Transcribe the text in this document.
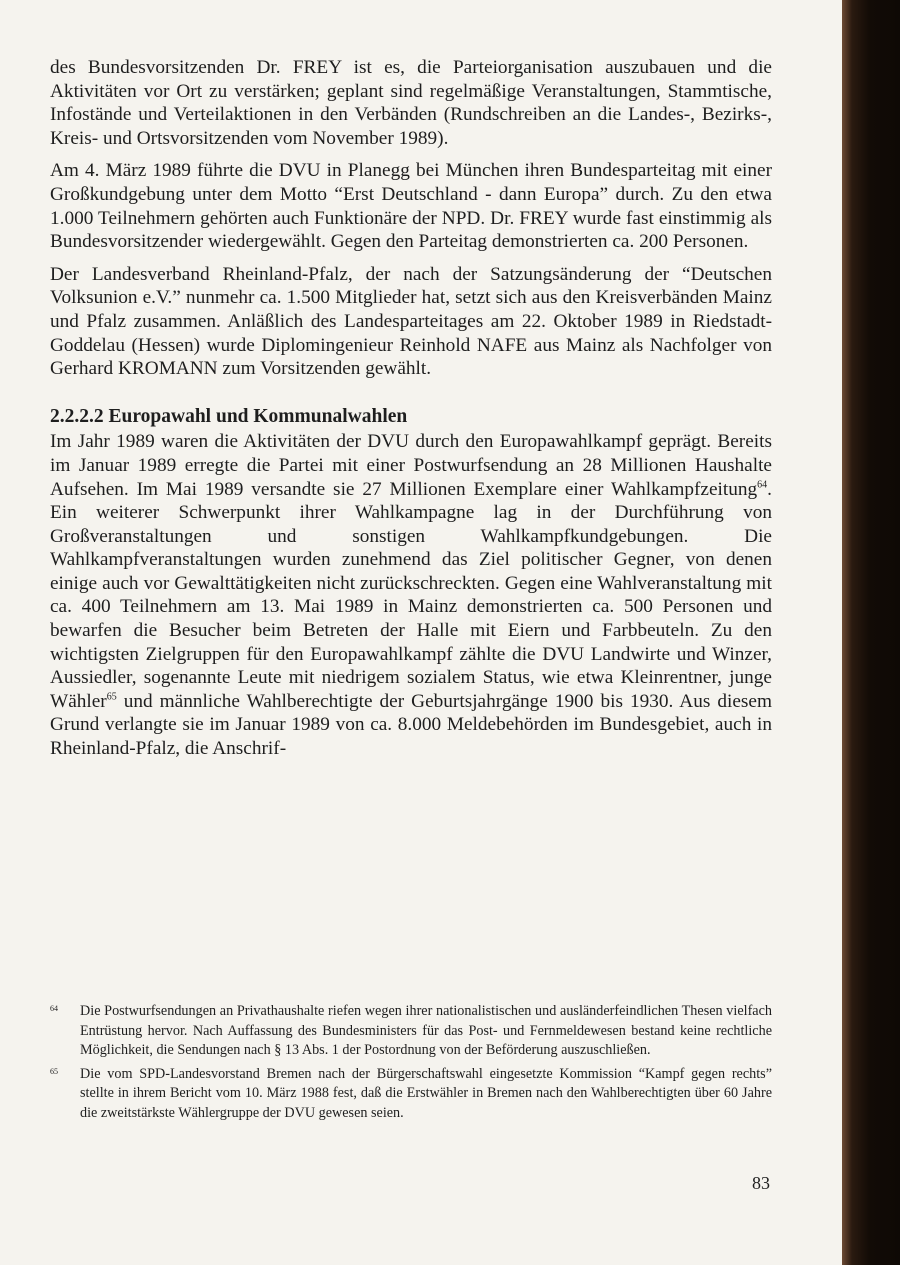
des Bundesvorsitzenden Dr. FREY ist es, die Parteiorganisation auszubauen und die Aktivitäten vor Ort zu verstärken; geplant sind regelmäßige Veranstaltungen, Stammtische, Infostände und Verteilaktionen in den Verbänden (Rundschreiben an die Landes-, Bezirks-, Kreis- und Ortsvorsitzenden vom November 1989).

Am 4. März 1989 führte die DVU in Planegg bei München ihren Bundesparteitag mit einer Großkundgebung unter dem Motto “Erst Deutschland - dann Europa” durch. Zu den etwa 1.000 Teilnehmern gehörten auch Funktionäre der NPD. Dr. FREY wurde fast einstimmig als Bundesvorsitzender wiedergewählt. Gegen den Parteitag demonstrierten ca. 200 Personen.

Der Landesverband Rheinland-Pfalz, der nach der Satzungsänderung der “Deutschen Volksunion e.V.” nunmehr ca. 1.500 Mitglieder hat, setzt sich aus den Kreisverbänden Mainz und Pfalz zusammen. Anläßlich des Landesparteitages am 22. Oktober 1989 in Riedstadt-Goddelau (Hessen) wurde Diplomingenieur Reinhold NAFE aus Mainz als Nachfolger von Gerhard KROMANN zum Vorsitzenden gewählt.

2.2.2.2 Europawahl und Kommunalwahlen

Im Jahr 1989 waren die Aktivitäten der DVU durch den Europawahlkampf geprägt. Bereits im Januar 1989 erregte die Partei mit einer Postwurfsendung an 28 Millionen Haushalte Aufsehen. Im Mai 1989 versandte sie 27 Millionen Exemplare einer Wahlkampfzeitung$^{64}$. Ein weiterer Schwerpunkt ihrer Wahlkampagne lag in der Durchführung von Großveranstaltungen und sonstigen Wahlkampfkundgebungen. Die Wahlkampfveranstaltungen wurden zunehmend das Ziel politischer Gegner, von denen einige auch vor Gewalttätigkeiten nicht zurückschreckten. Gegen eine Wahlveranstaltung mit ca. 400 Teilnehmern am 13. Mai 1989 in Mainz demonstrierten ca. 500 Personen und bewarfen die Besucher beim Betreten der Halle mit Eiern und Farbbeuteln. Zu den wichtigsten Zielgruppen für den Europawahlkampf zählte die DVU Landwirte und Winzer, Aussiedler, sogenannte Leute mit niedrigem sozialem Status, wie etwa Kleinrentner, junge Wähler$^{65}$ und männliche Wahlberechtigte der Geburtsjahrgänge 1900 bis 1930. Aus diesem Grund verlangte sie im Januar 1989 von ca. 8.000 Meldebehörden im Bundesgebiet, auch in Rheinland-Pfalz, die Anschrif-

64	Die Postwurfsendungen an Privathaushalte riefen wegen ihrer nationalistischen und ausländerfeindlichen Thesen vielfach Entrüstung hervor. Nach Auffassung des Bundesministers für das Post- und Fernmeldewesen bestand keine rechtliche Möglichkeit, die Sendungen nach § 13 Abs. 1 der Postordnung von der Beförderung auszuschließen.
65	Die vom SPD-Landesvorstand Bremen nach der Bürgerschaftswahl eingesetzte Kommission “Kampf gegen rechts” stellte in ihrem Bericht vom 10. März 1988 fest, daß die Erstwähler in Bremen nach den Wahlberechtigten über 60 Jahre die zweitstärkste Wählergruppe der DVU gewesen seien.
83
